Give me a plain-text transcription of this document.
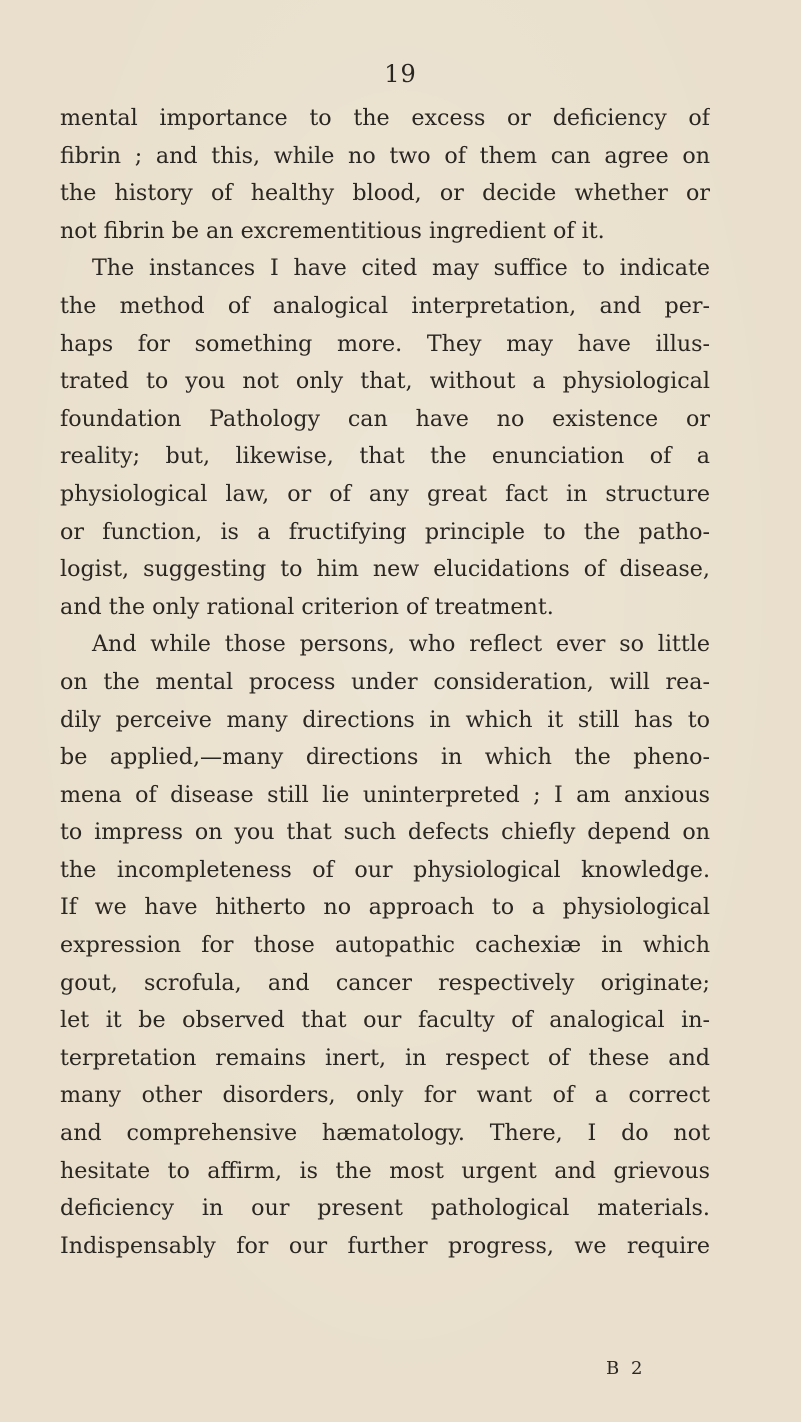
19
mental importance to the excess or deficiency of
fibrin ; and this, while no two of them can agree on
the history of healthy blood, or decide whether or
not fibrin be an excrementitious ingredient of it.
The instances I have cited may suffice to indicate
the method of analogical interpretation, and per-
haps for something more. They may have illus-
trated to you not only that, without a physiological
foundation Pathology can have no existence or
reality; but, likewise, that the enunciation of a
physiological law, or of any great fact in structure
or function, is a fructifying principle to the patho-
logist, suggesting to him new elucidations of disease,
and the only rational criterion of treatment.
And while those persons, who reflect ever so little
on the mental process under consideration, will rea-
dily perceive many directions in which it still has to
be applied,—many directions in which the pheno-
mena of disease still lie uninterpreted ; I am anxious
to impress on you that such defects chiefly depend on
the incompleteness of our physiological knowledge.
If we have hitherto no approach to a physiological
expression for those autopathic cachexiæ in which
gout, scrofula, and cancer respectively originate;
let it be observed that our faculty of analogical in-
terpretation remains inert, in respect of these and
many other disorders, only for want of a correct
and comprehensive hæmatology. There, I do not
hesitate to affirm, is the most urgent and grievous
deficiency in our present pathological materials.
Indispensably for our further progress, we require
B 2
